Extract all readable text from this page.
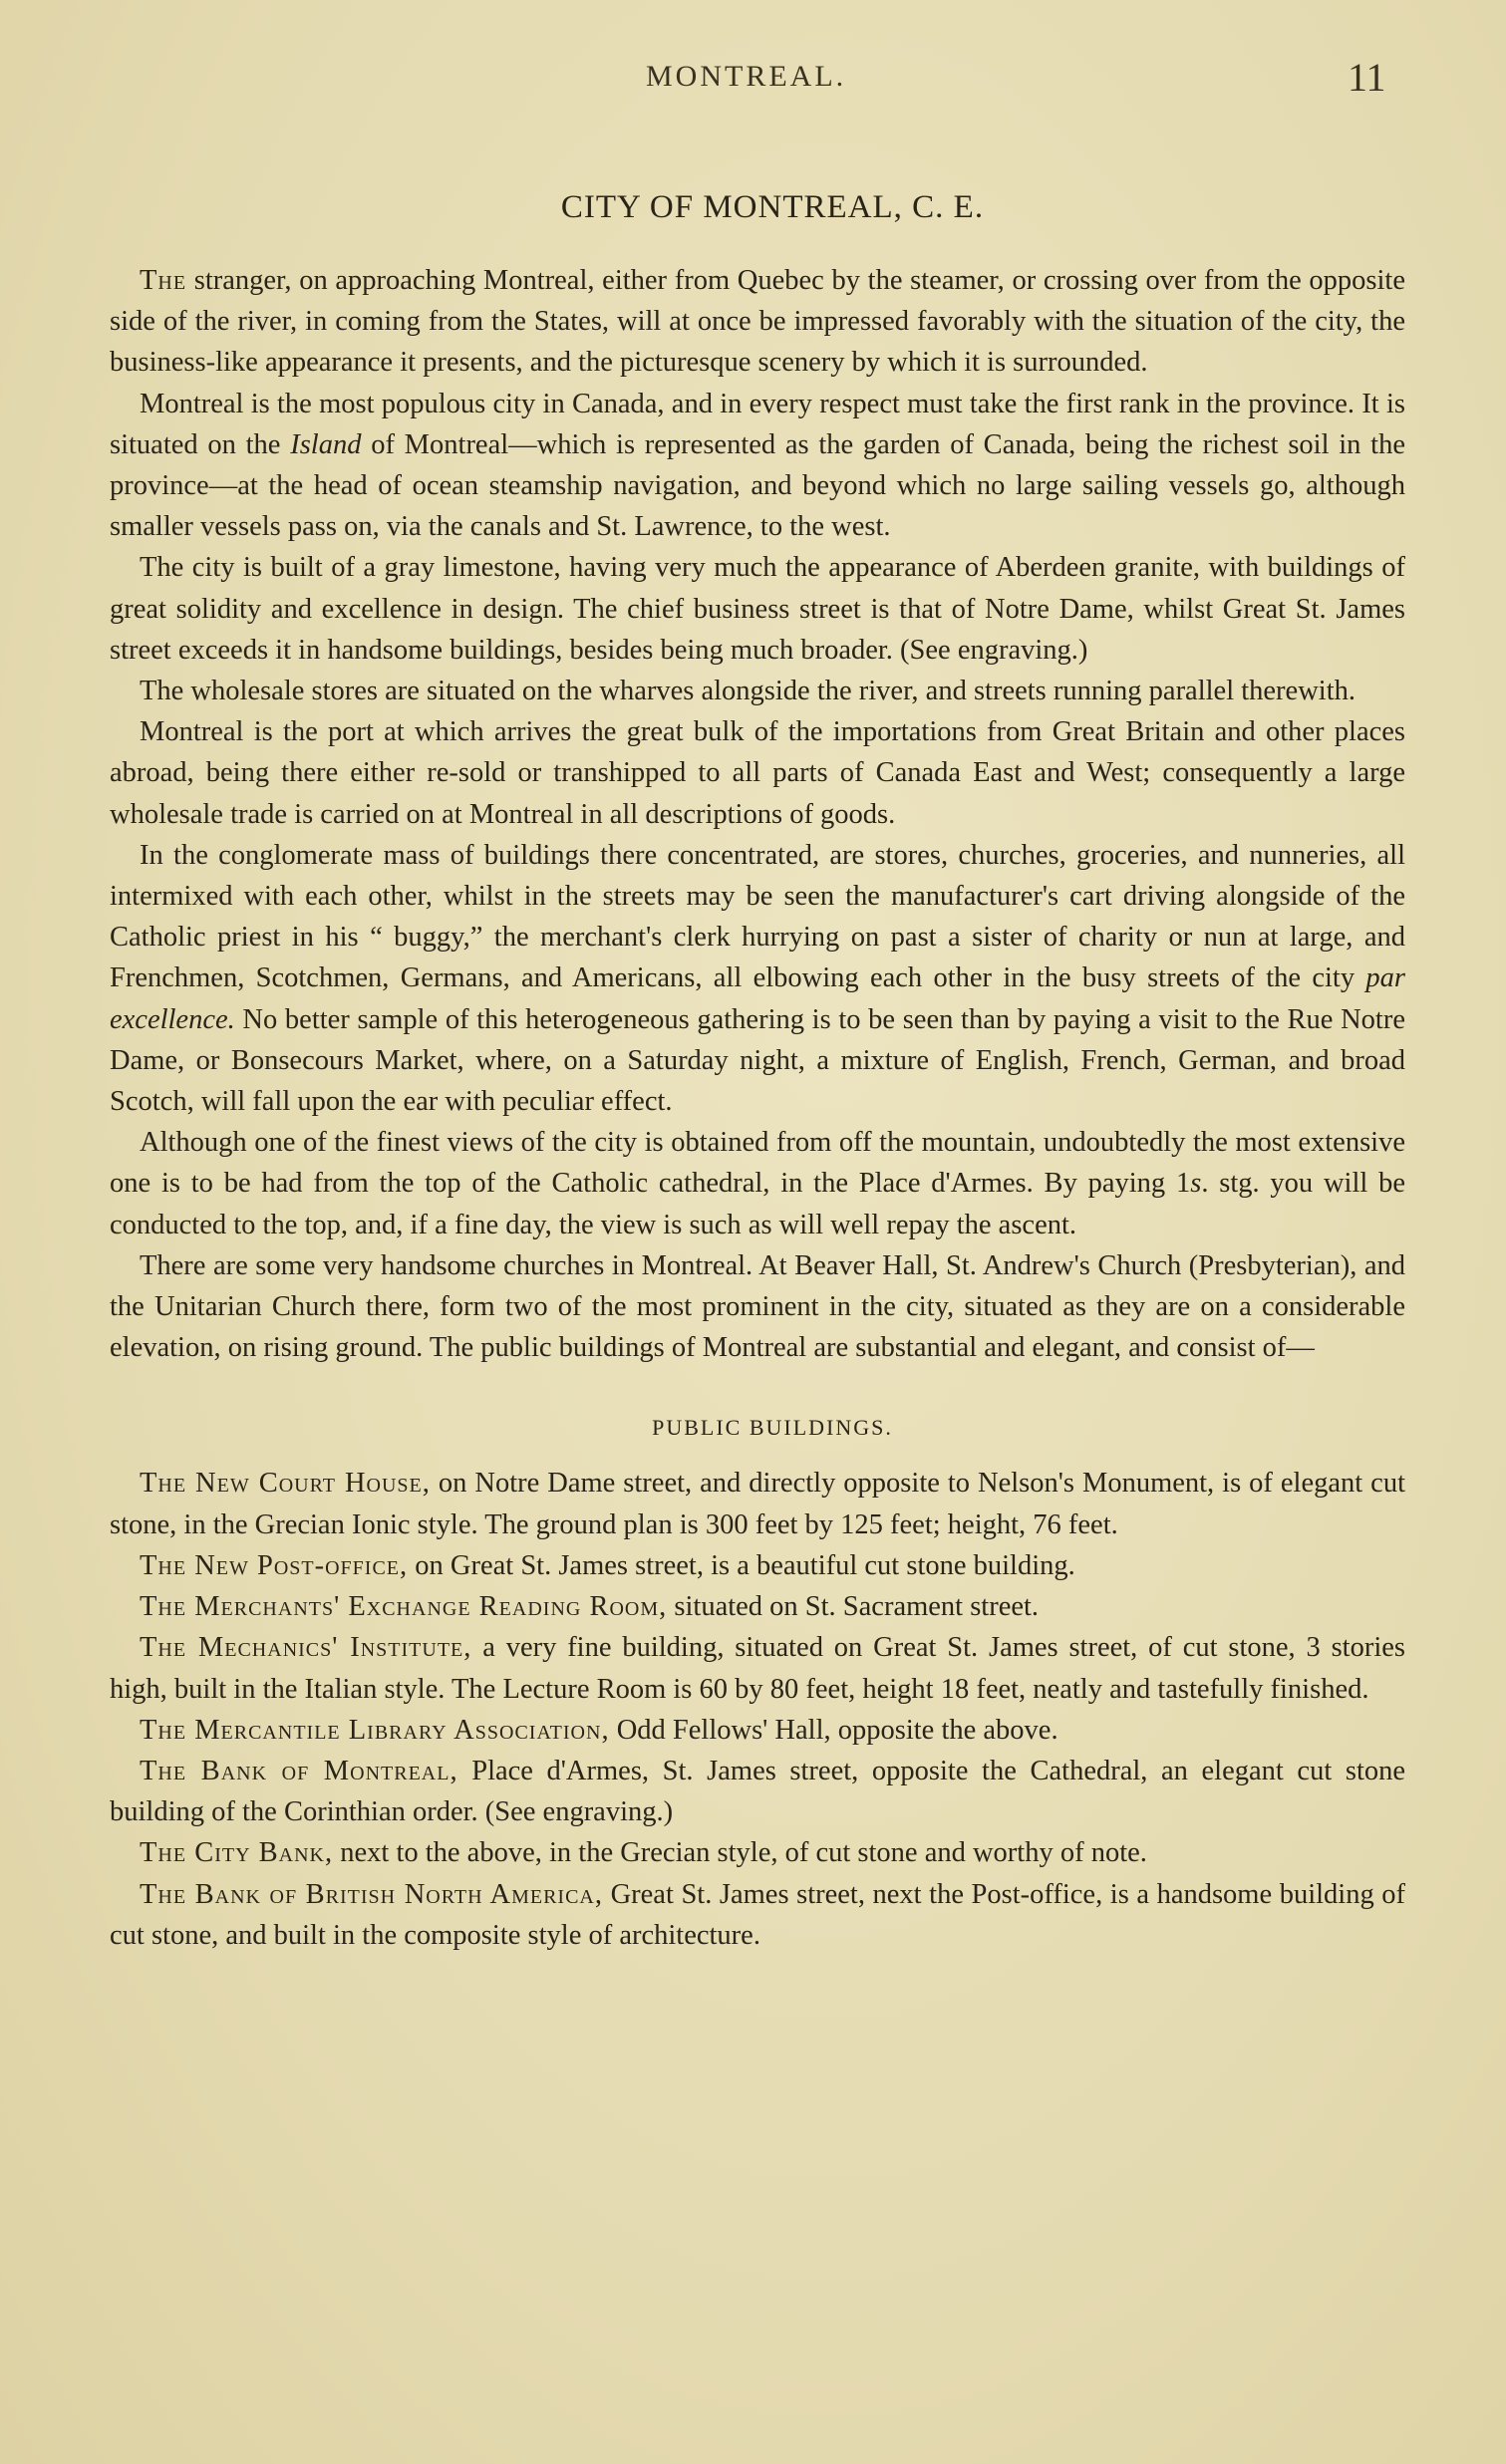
MONTREAL.	11
CITY OF MONTREAL, C. E.

The stranger, on approaching Montreal, either from Quebec by the steamer, or crossing over from the opposite side of the river, in coming from the States, will at once be impressed favorably with the situation of the city, the business-like appearance it presents, and the picturesque scenery by which it is surrounded.

Montreal is the most populous city in Canada, and in every respect must take the first rank in the province. It is situated on the Island of Montreal—which is represented as the garden of Canada, being the richest soil in the province—at the head of ocean steamship navigation, and beyond which no large sailing vessels go, although smaller vessels pass on, via the canals and St. Lawrence, to the west.

The city is built of a gray limestone, having very much the appearance of Aberdeen granite, with buildings of great solidity and excellence in design. The chief business street is that of Notre Dame, whilst Great St. James street exceeds it in handsome buildings, besides being much broader. (See engraving.)

The wholesale stores are situated on the wharves alongside the river, and streets running parallel therewith.

Montreal is the port at which arrives the great bulk of the importations from Great Britain and other places abroad, being there either re-sold or transhipped to all parts of Canada East and West; consequently a large wholesale trade is carried on at Montreal in all descriptions of goods.

In the conglomerate mass of buildings there concentrated, are stores, churches, groceries, and nunneries, all intermixed with each other, whilst in the streets may be seen the manufacturer's cart driving alongside of the Catholic priest in his “ buggy,” the merchant's clerk hurrying on past a sister of charity or nun at large, and Frenchmen, Scotchmen, Germans, and Americans, all elbowing each other in the busy streets of the city par excellence. No better sample of this heterogeneous gathering is to be seen than by paying a visit to the Rue Notre Dame, or Bonsecours Market, where, on a Saturday night, a mixture of English, French, German, and broad Scotch, will fall upon the ear with peculiar effect.

Although one of the finest views of the city is obtained from off the mountain, undoubtedly the most extensive one is to be had from the top of the Catholic cathedral, in the Place d'Armes. By paying 1s. stg. you will be conducted to the top, and, if a fine day, the view is such as will well repay the ascent.

There are some very handsome churches in Montreal. At Beaver Hall, St. Andrew's Church (Presbyterian), and the Unitarian Church there, form two of the most prominent in the city, situated as they are on a considerable elevation, on rising ground. The public buildings of Montreal are substantial and elegant, and consist of—

PUBLIC BUILDINGS.

The New Court House, on Notre Dame street, and directly opposite to Nelson's Monument, is of elegant cut stone, in the Grecian Ionic style. The ground plan is 300 feet by 125 feet; height, 76 feet.

The New Post-office, on Great St. James street, is a beautiful cut stone building.

The Merchants' Exchange Reading Room, situated on St. Sacrament street.

The Mechanics' Institute, a very fine building, situated on Great St. James street, of cut stone, 3 stories high, built in the Italian style. The Lecture Room is 60 by 80 feet, height 18 feet, neatly and tastefully finished.

The Mercantile Library Association, Odd Fellows' Hall, opposite the above.

The Bank of Montreal, Place d'Armes, St. James street, opposite the Cathedral, an elegant cut stone building of the Corinthian order. (See engraving.)

The City Bank, next to the above, in the Grecian style, of cut stone and worthy of note.

The Bank of British North America, Great St. James street, next the Post-office, is a handsome building of cut stone, and built in the composite style of architecture.
